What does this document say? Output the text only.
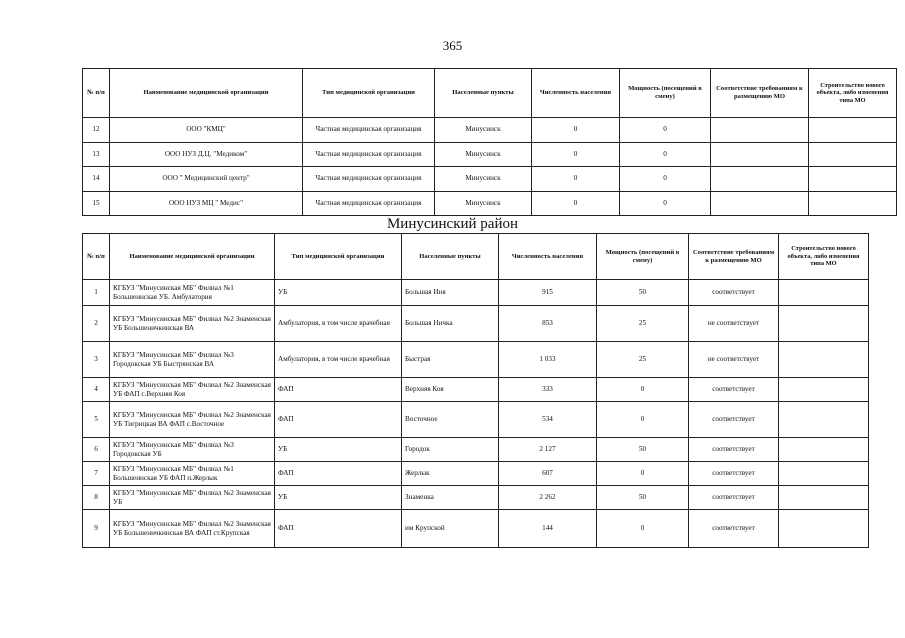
365
№ п/п	Наименование медицинской организации	Тип медицинской организации	Населенные пункты	Численность населения	Мощность (посещений в смену)	Соответствие требованиям к размещению МО	Строительство нового объекта, либо изменения типа МО
12	ООО "КМЦ"	Частная медицинская организация	Минусинск	0	0		
13	ООО НУЗ Д.Ц. "Медиком"	Частная медицинская организация	Минусинск	0	0		
14	ООО " Медицинский центр"	Частная медицинская организация	Минусинск	0	0		
15	ООО НУЗ МЦ " Медис"	Частная медицинская организация	Минусинск	0	0		
Минусинский район
№ п/п	Наименование медицинской организации	Тип медицинской организации	Населенные пункты	Численность населения	Мощность (посещений в смену)	Соответствие требованиям к размещению МО	Строительство нового объекта, либо изменения типа МО
1	КГБУЗ "Минусинская МБ" Филиал №1 Большеинская УБ. Амбулатория	УБ	Большая Иня	915	50	соответствует	
2	КГБУЗ "Минусинская МБ" Филиал №2 Знаменская УБ Большеничкинская ВА	Амбулатория, в том числе врачебная	Большая Ничка	853	25	не соответствует	
3	КГБУЗ "Минусинская МБ" Филиал №3 Городокская УБ Быстрянская ВА	Амбулатория, в том числе врачебная	Быстрая	1 033	25	не соответствует	
4	КГБУЗ "Минусинская МБ" Филиал №2 Знаменская УБ ФАП с.Верхняя Коя	ФАП	Верхняя Коя	333	0	соответствует	
5	КГБУЗ "Минусинская МБ" Филиал №2 Знаменская УБ Тигрицкая ВА ФАП с.Восточное	ФАП	Восточное	534	0	соответствует	
6	КГБУЗ "Минусинская МБ" Филиал №3 Городокская УБ	УБ	Городок	2 127	50	соответствует	
7	КГБУЗ "Минусинская МБ" Филиал №1 Большеинская УБ ФАП п.Жерлык	ФАП	Жерлык	607	0	соответствует	
8	КГБУЗ "Минусинская МБ" Филиал №2 Знаменская УБ	УБ	Знаменка	2 262	50	соответствует	
9	КГБУЗ "Минусинская МБ" Филиал №2 Знаменская УБ Большеничкинская ВА ФАП ст.Крупская	ФАП	им Крупской	144	0	соответствует	
